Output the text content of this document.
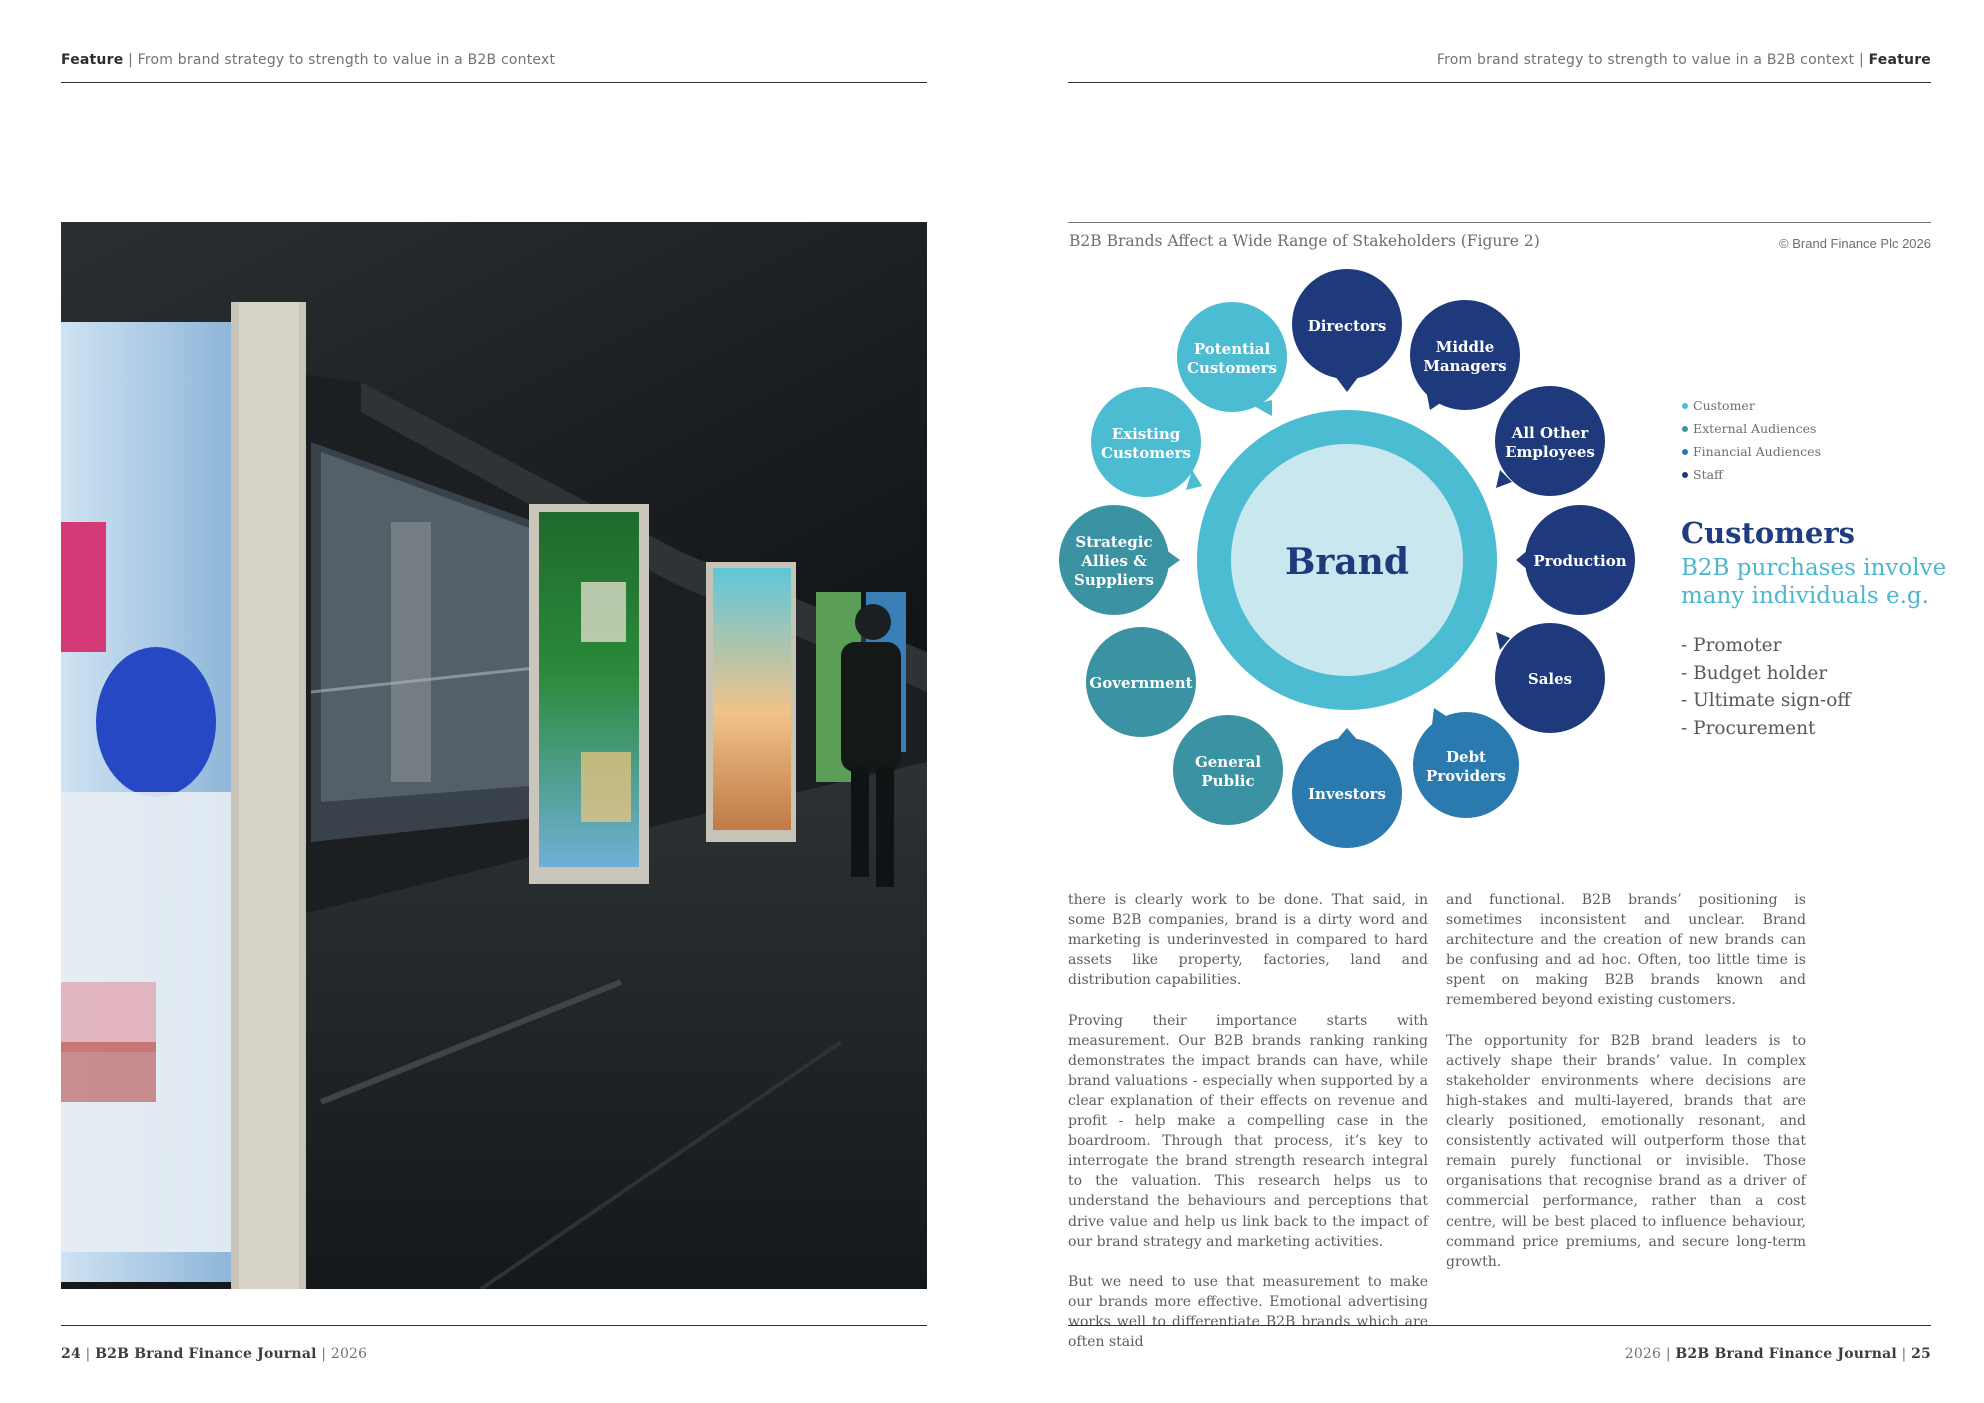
Feature | From brand strategy to strength to value in a B2B context
24 | B2B Brand Finance Journal | 2026
From brand strategy to strength to value in a B2B context | Feature
B2B Brands Affect a Wide Range of Stakeholders (Figure 2)	© Brand Finance Plc 2026
Brand
Directors
Middle
Managers
All Other
Employees
Production
Sales
Debt
Providers
Investors
General
Public
Government
Strategic
Allies &
Suppliers
Existing
Customers
Potential
Customers
Customer
External Audiences
Financial Audiences
Staff
Customers
B2B purchases involve many individuals e.g.
- Promoter
- Budget holder
- Ultimate sign-off
- Procurement

there is clearly work to be done. That said, in some B2B companies, brand is a dirty word and marketing is underinvested in compared to hard assets like property, factories, land and distribution capabilities.

Proving their importance starts with measurement. Our B2B brands ranking ranking demonstrates the impact brands can have, while brand valuations - especially when supported by a clear explanation of their effects on revenue and profit - help make a compelling case in the boardroom. Through that process, it’s key to interrogate the brand strength research integral to the valuation. This research helps us to understand the behaviours and perceptions that drive value and help us link back to the impact of our brand strategy and marketing activities.

But we need to use that measurement to make our brands more effective. Emotional advertising works well to differentiate B2B brands which are often staid

and functional. B2B brands’ positioning is sometimes inconsistent and unclear. Brand architecture and the creation of new brands can be confusing and ad hoc. Often, too little time is spent on making B2B brands known and remembered beyond existing customers.

The opportunity for B2B brand leaders is to actively shape their brands’ value. In complex stakeholder environments where decisions are high-stakes and multi-layered, brands that are clearly positioned, emotionally resonant, and consistently activated will outperform those that remain purely functional or invisible. Those organisations that recognise brand as a driver of commercial performance, rather than a cost centre, will be best placed to influence behaviour, command price premiums, and secure long-term growth.

2026 | B2B Brand Finance Journal | 25
